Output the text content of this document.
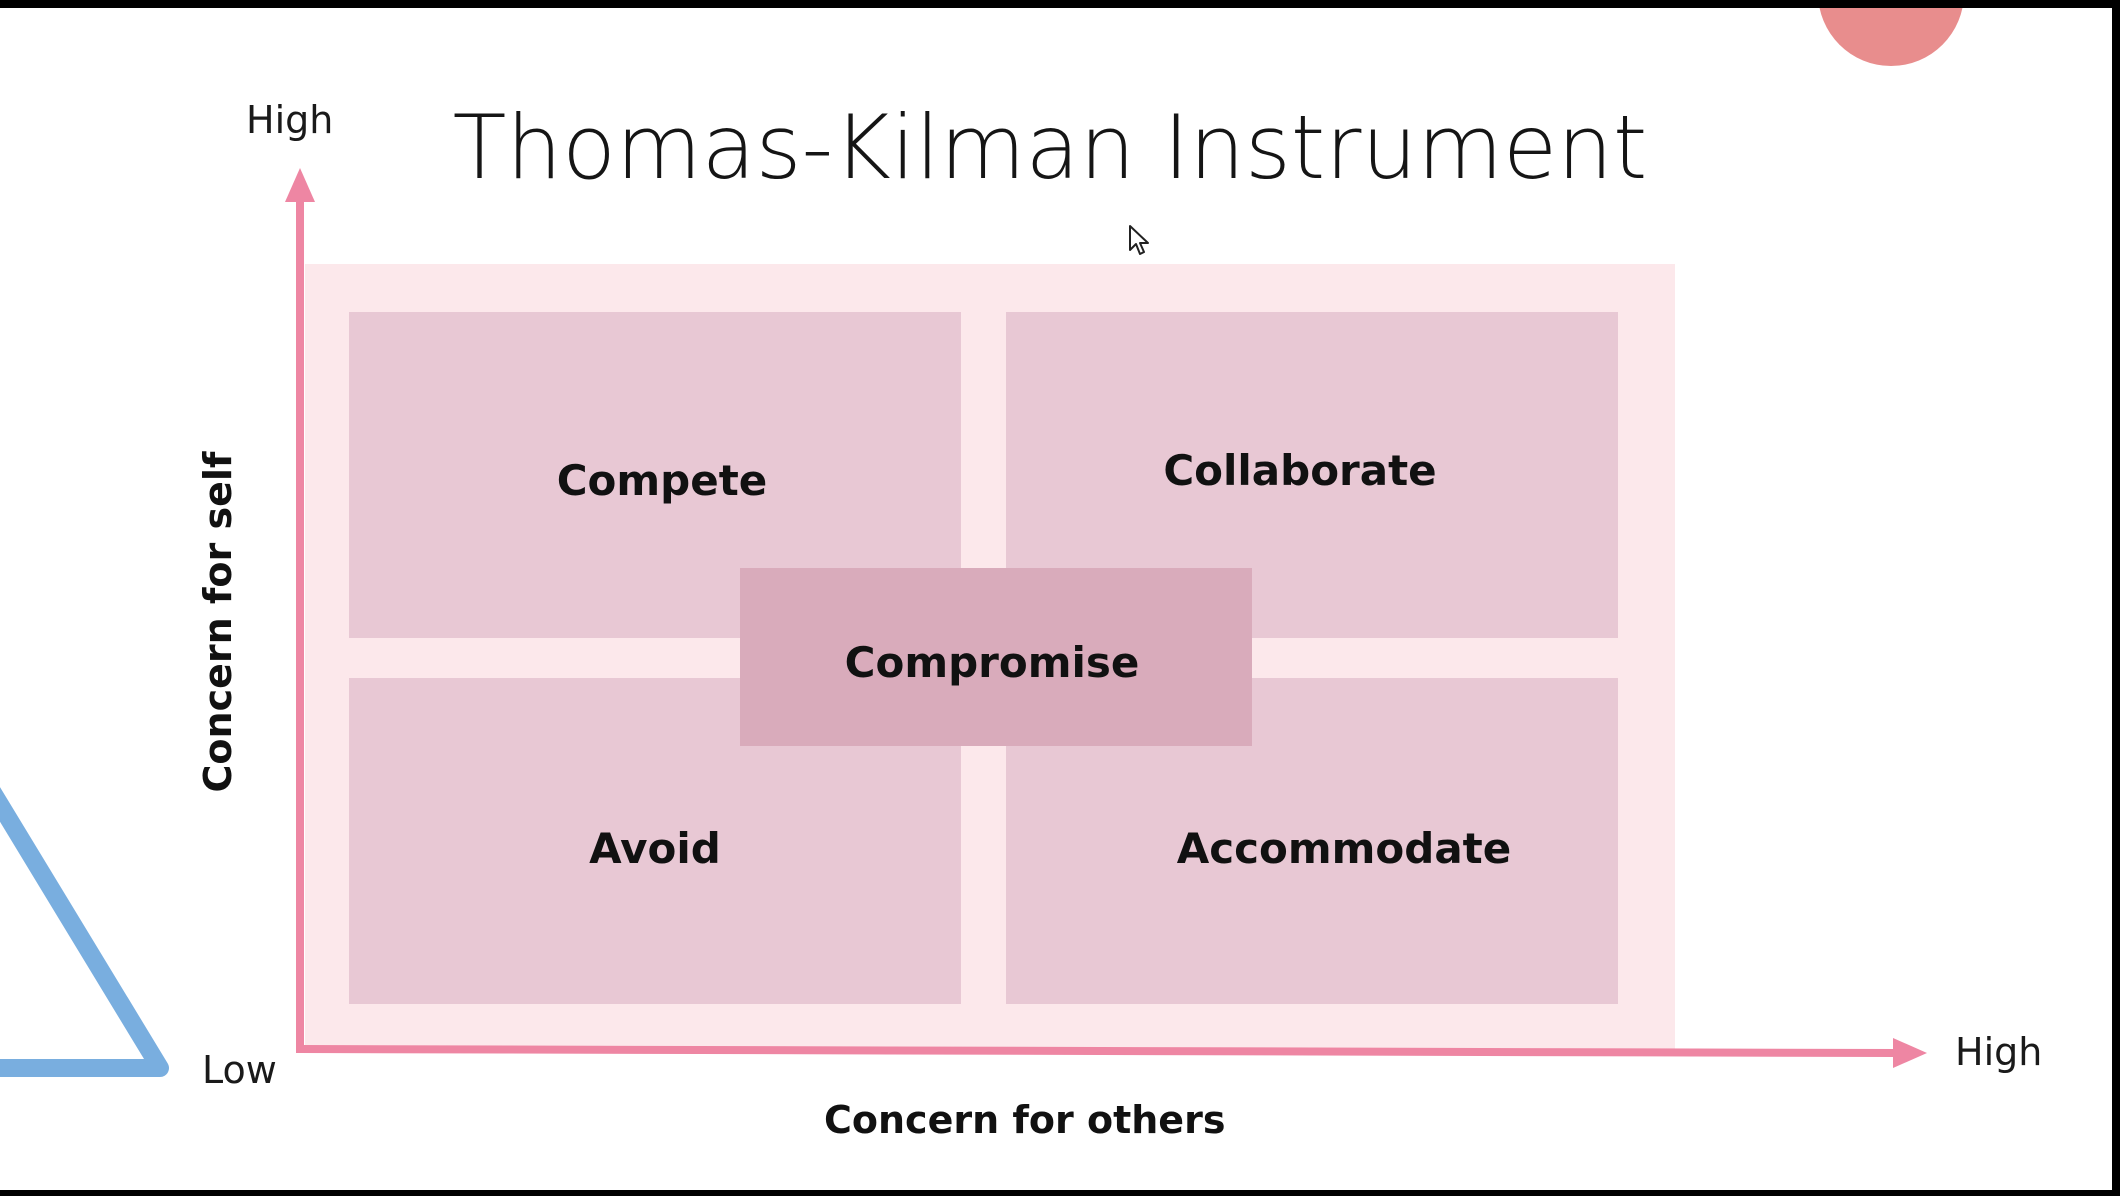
Thomas-Kilman Instrument
Compete	Collaborate
Avoid	Accommodate
Compromise
High
Low	High
Concern for others
Concern for self
